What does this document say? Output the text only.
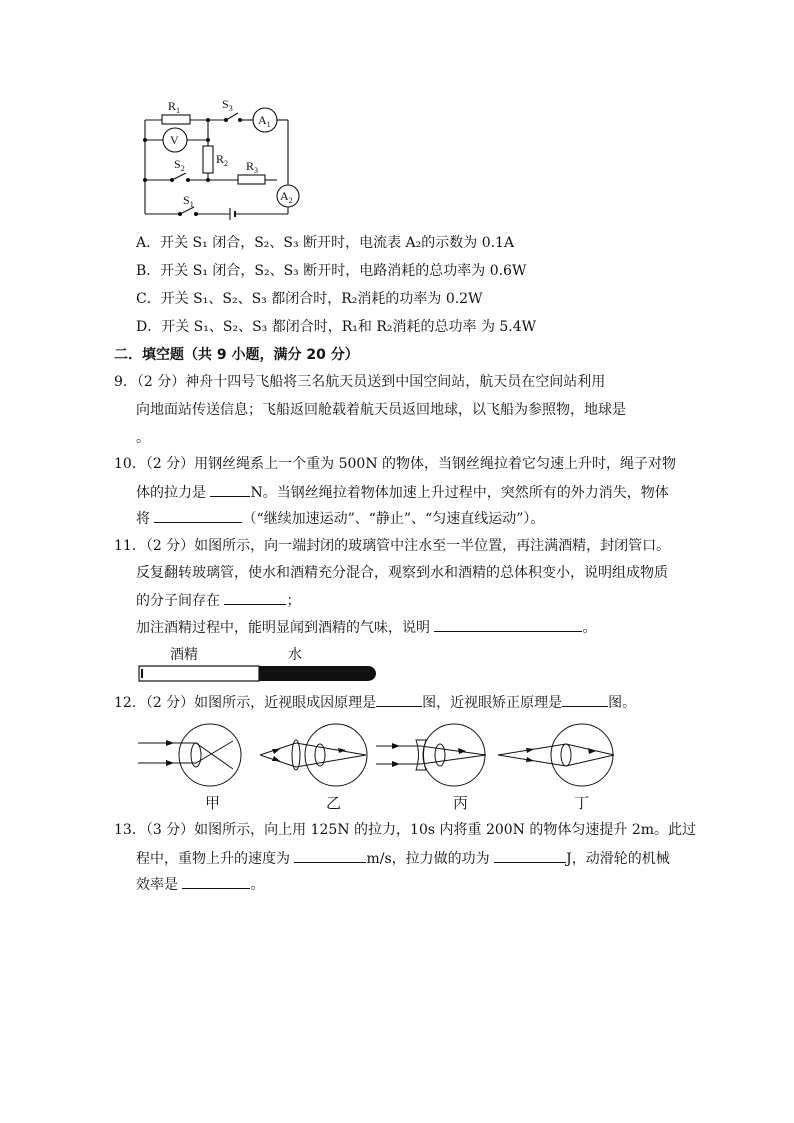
$R_1$	$S_3$
$A_1$
V
$R_2$
$S_2$	$R_3$
$A_2$
$S_1$
A．开关 S₁ 闭合，S₂、S₃ 断开时，电流表 A₂的示数为 0.1A
B．开关 S₁ 闭合，S₂、S₃ 断开时，电路消耗的总功率为 0.6W
C．开关 S₁、S₂、S₃ 都闭合时，R₂消耗的功率为 0.2W
D．开关 S₁、S₂、S₃ 都闭合时，R₁和 R₂消耗的总功率 为 5.4W
二．填空题（共 9 小题，满分 20 分）
9．（2 分）神舟十四号飞船将三名航天员送到中国空间站，航天员在空间站利用
向地面站传送信息；飞船返回舱载着航天员返回地球，以飞船为参照物，地球是
。
10．（2 分）用钢丝绳系上一个重为 500N 的物体，当钢丝绳拉着它匀速上升时，绳子对物
体的拉力是	N。当钢丝绳拉着物体加速上升过程中，突然所有的外力消失，物体
将	（“继续加速运动”、“静止”、“匀速直线运动”）。
11．（2 分）如图所示，向一端封闭的玻璃管中注水至一半位置，再注满酒精，封闭管口。
反复翻转玻璃管，使水和酒精充分混合，观察到水和酒精的总体积变小，说明组成物质
的分子间存在	；
加注酒精过程中，能明显闻到酒精的气味，说明	。
酒精	水
12．（2 分）如图所示，近视眼成因原理是	图，近视眼矫正原理是	图。
甲	乙	丙	丁
13．（3 分）如图所示，向上用 125N 的拉力，10s 内将重 200N 的物体匀速提升 2m。此过
程中，重物上升的速度为	m/s，拉力做的功为	J，动滑轮的机械
效率是	。
